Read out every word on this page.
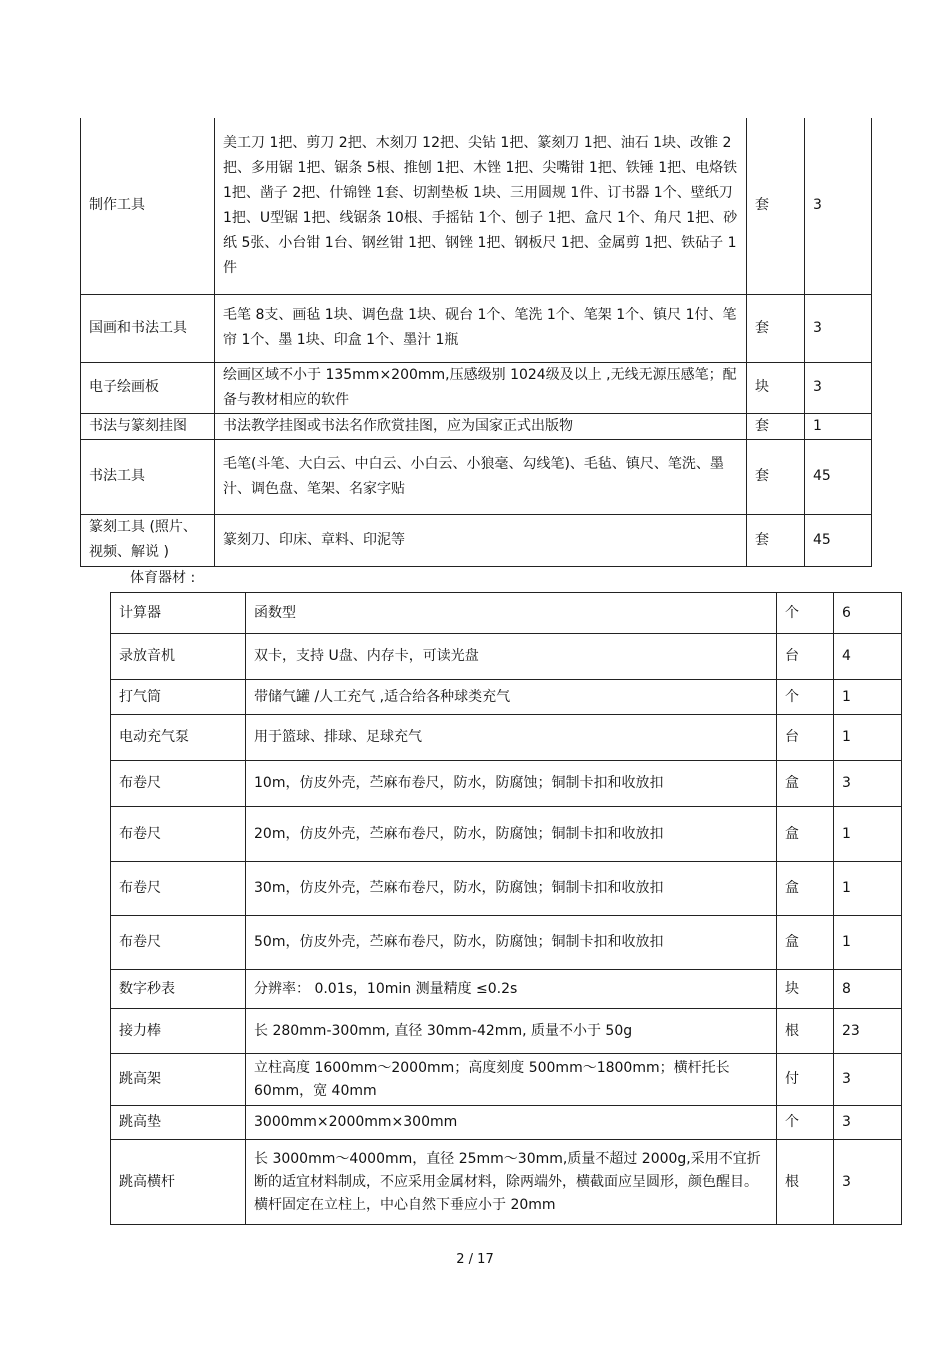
制作工具	美工刀 1把、剪刀 2把、木刻刀 12把、尖钻 1把、篆刻刀 1把、油石 1块、改锥 2把、多用锯 1把、锯条 5根、推刨 1把、木锉 1把、尖嘴钳 1把、铁锤 1把、电烙铁 1把、凿子 2把、什锦锉 1套、切割垫板 1块、三用圆规 1件、订书器 1个、壁纸刀 1把、U型锯 1把、线锯条 10根、手摇钻 1个、刨子 1把、盒尺 1个、角尺 1把、砂纸 5张、小台钳 1台、钢丝钳 1把、钢锉 1把、钢板尺 1把、金属剪 1把、铁砧子 1件	套	3
国画和书法工具	毛笔 8支、画毡 1块、调色盘 1块、砚台 1个、笔洗 1个、笔架 1个、镇尺 1付、笔帘 1个、墨 1块、印盒 1个、墨汁 1瓶	套	3
电子绘画板	绘画区域不小于 135mm×200mm,压感级别 1024级及以上 ,无线无源压感笔；配备与教材相应的软件	块	3
书法与篆刻挂图	书法教学挂图或书法名作欣赏挂图，应为国家正式出版物	套	1
书法工具	毛笔(斗笔、大白云、中白云、小白云、小狼毫、勾线笔)、毛毡、镇尺、笔洗、墨汁、调色盘、笔架、名家字贴	套	45
篆刻工具 (照片、视频、解说 )	篆刻刀、印床、章料、印泥等	套	45
体育器材 :
计算器	函数型	个	6
录放音机	双卡，支持 U盘、内存卡，可读光盘	台	4
打气筒	带储气罐 /人工充气 ,适合给各种球类充气	个	1
电动充气泵	用于篮球、排球、足球充气	台	1
布卷尺	10m，仿皮外壳，苎麻布卷尺，防水，防腐蚀；铜制卡扣和收放扣	盒	3
布卷尺	20m，仿皮外壳，苎麻布卷尺，防水，防腐蚀；铜制卡扣和收放扣	盒	1
布卷尺	30m，仿皮外壳，苎麻布卷尺，防水，防腐蚀；铜制卡扣和收放扣	盒	1
布卷尺	50m，仿皮外壳，苎麻布卷尺，防水，防腐蚀；铜制卡扣和收放扣	盒	1
数字秒表	分辨率： 0.01s，10min 测量精度 ≤0.2s	块	8
接力棒	长 280mm-300mm, 直径 30mm-42mm, 质量不小于 50g	根	23
跳高架	立柱高度 1600mm～2000mm；高度刻度 500mm～1800mm；横杆托长 60mm，宽 40mm	付	3
跳高垫	3000mm×2000mm×300mm	个	3
跳高横杆	长 3000mm～4000mm，直径 25mm～30mm,质量不超过 2000g,采用不宜折断的适宜材料制成，不应采用金属材料，除两端外，横截面应呈圆形，颜色醒目。横杆固定在立柱上，中心自然下垂应小于 20mm	根	3
2 / 17
